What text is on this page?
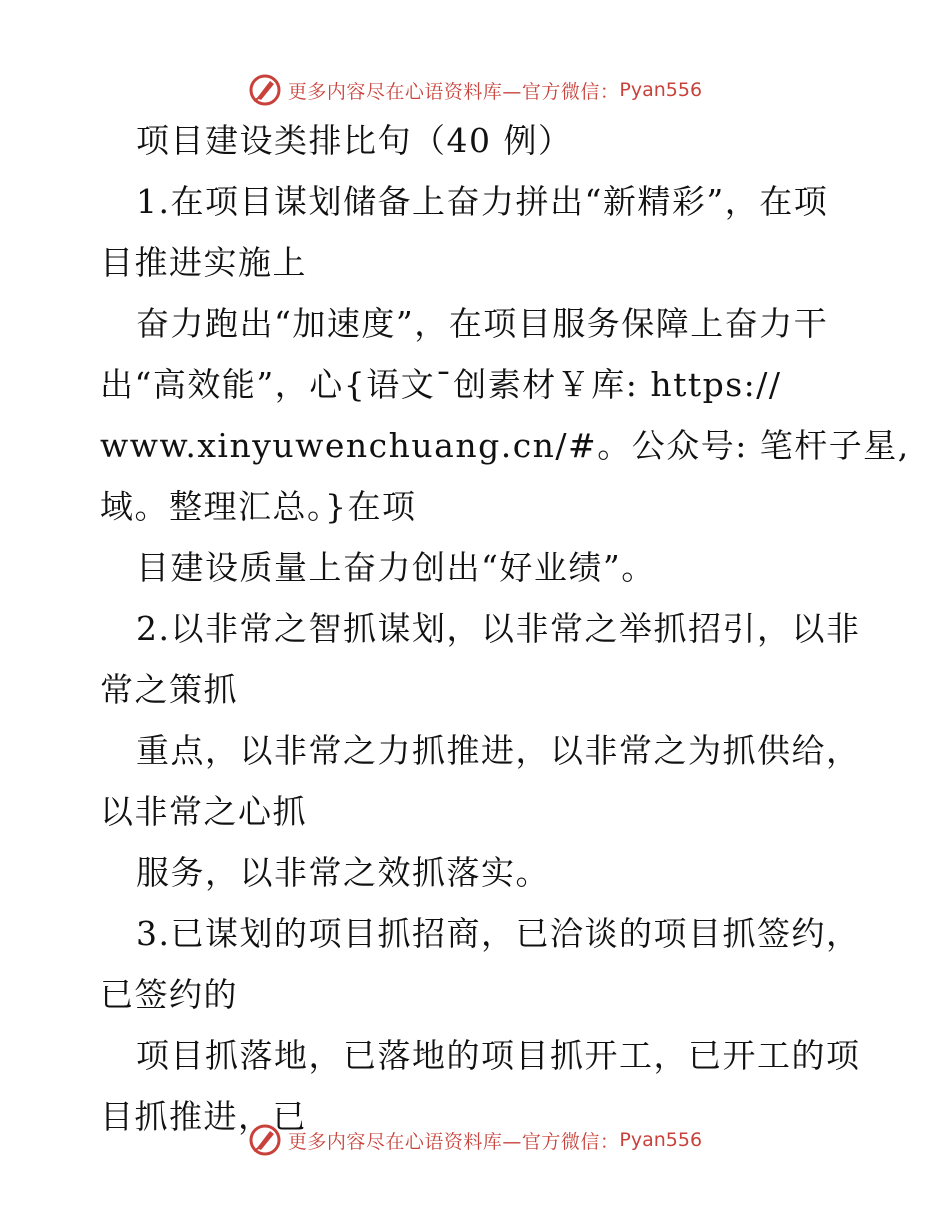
更多内容尽在心语资料库—官方微信： Pyan556

项目建设类排比句（40 例）

1.在项目谋划储备上奋力拼出“新精彩”，在项

目推进实施上

奋力跑出“加速度”，在项目服务保障上奋力干

出“高效能”，心{语文¯创素材￥库: https://

www.xinyuwenchuang.cn/#。公众号: 笔杆子星,

域。整理汇总。}在项

目建设质量上奋力创出“好业绩”。

2.以非常之智抓谋划，以非常之举抓招引，以非

常之策抓

重点，以非常之力抓推进，以非常之为抓供给，

以非常之心抓

服务，以非常之效抓落实。

3.已谋划的项目抓招商，已洽谈的项目抓签约，

已签约的

项目抓落地，已落地的项目抓开工，已开工的项

目抓推进，已

更多内容尽在心语资料库—官方微信： Pyan556
